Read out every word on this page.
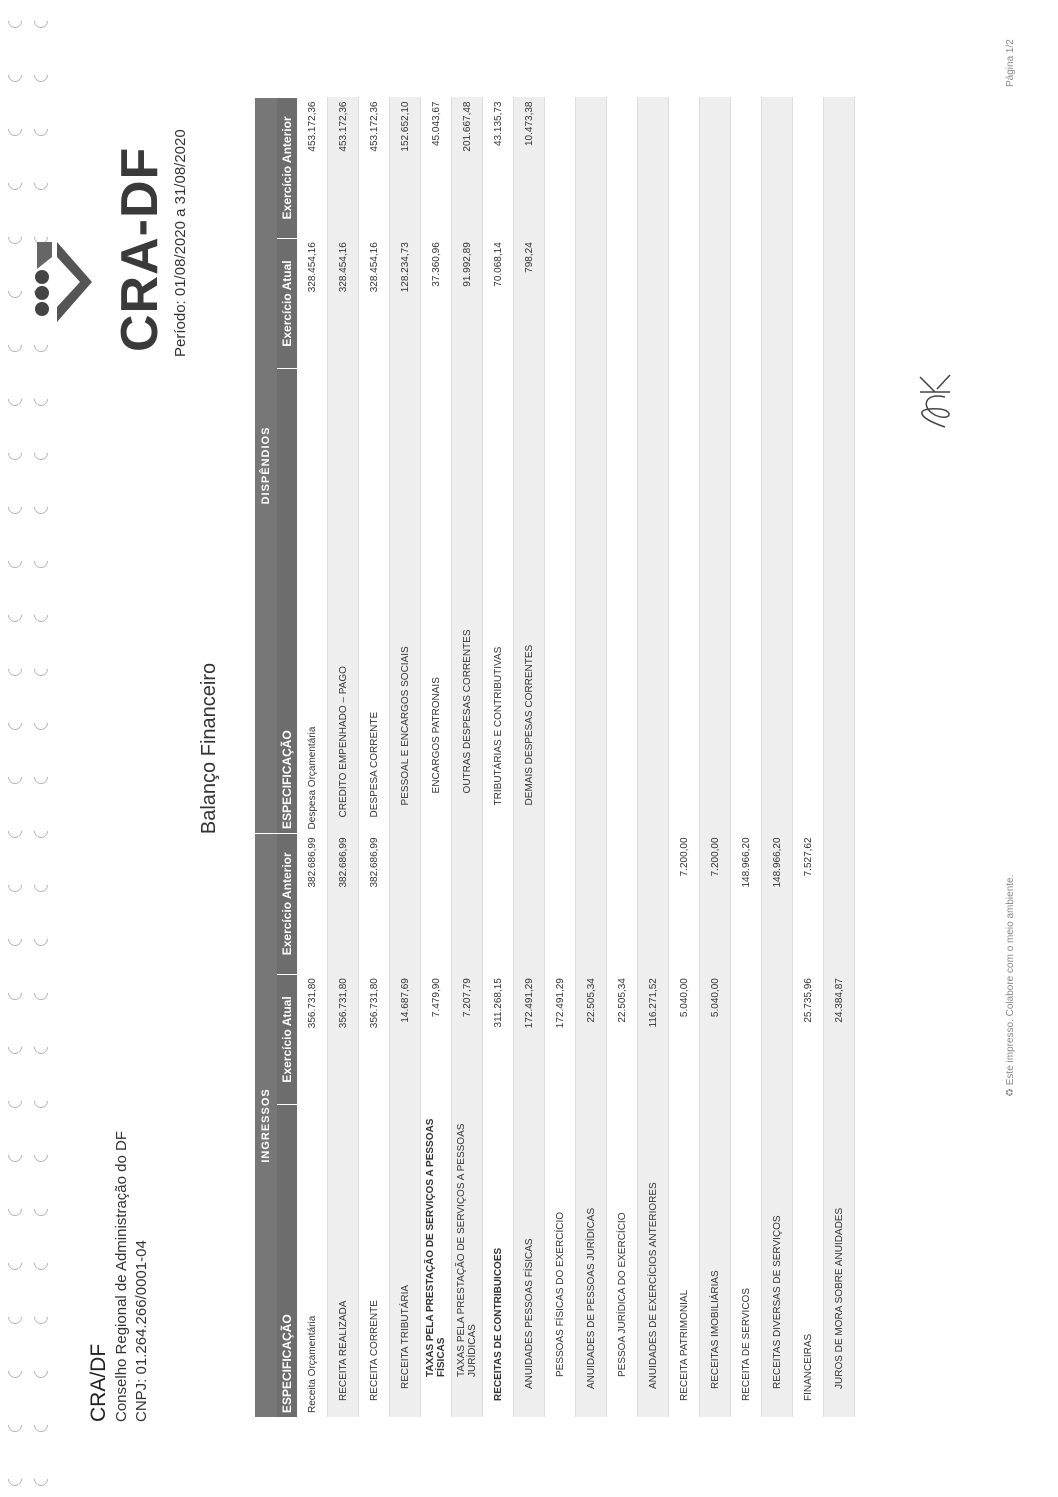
CRA/DF Conselho Regional de Administração do DF CNPJ: 01.264.266/0001-04
Balanço Financeiro
CRA-DF Período: 01/08/2020 a 31/08/2020
INGRESSOS			DISPÊNDIOS		
ESPECIFICAÇÃO	Exercício Atual	Exercício Anterior	ESPECIFICAÇÃO	Exercício Atual	Exercício Anterior
Receita Orçamentária	356.731,80	382.686,99	Despesa Orçamentária	328.454,16	453.172,36
RECEITA REALIZADA	356.731,80	382.686,99	CREDITO EMPENHADO – PAGO	328.454,16	453.172,36
RECEITA CORRENTE	356.731,80	382.686,99	DESPESA CORRENTE	328.454,16	453.172,36
RECEITA TRIBUTÁRIA	14.687,69		PESSOAL E ENCARGOS SOCIAIS	128.234,73	152.652,10
TAXAS PELA PRESTAÇÃO DE SERVIÇOS A PESSOAS FÍSICAS	7.479,90		ENCARGOS PATRONAIS	37.360,96	45.043,67
TAXAS PELA PRESTAÇÃO DE SERVIÇOS A PESSOAS JURÍDICAS	7.207,79		OUTRAS DESPESAS CORRENTES	91.992,89	201.667,48
RECEITAS DE CONTRIBUICOES	311.268,15		TRIBUTÁRIAS E CONTRIBUTIVAS	70.068,14	43.135,73
ANUIDADES PESSOAS FÍSICAS	172.491,29		DEMAIS DESPESAS CORRENTES	798,24	10.473,38
PESSOAS FÍSICAS DO EXERCÍCIO	172.491,29				
ANUIDADES DE PESSOAS JURÍDICAS	22.505,34				
PESSOA JURÍDICA DO EXERCÍCIO	22.505,34				
ANUIDADES DE EXERCÍCIOS ANTERIORES	116.271,52				
RECEITA PATRIMONIAL	5.040,00	7.200,00			
RECEITAS IMOBILIÁRIAS	5.040,00	7.200,00			
RECEITA DE SERVICOS		148.966,20			
RECEITAS DIVERSAS DE SERVIÇOS		148.966,20			
FINANCEIRAS	25.735,96	7.527,62			
JUROS DE MORA SOBRE ANUIDADES	24.384,87				
♻ Este impresso. Colabore com o meio ambiente.
Página 1/2
